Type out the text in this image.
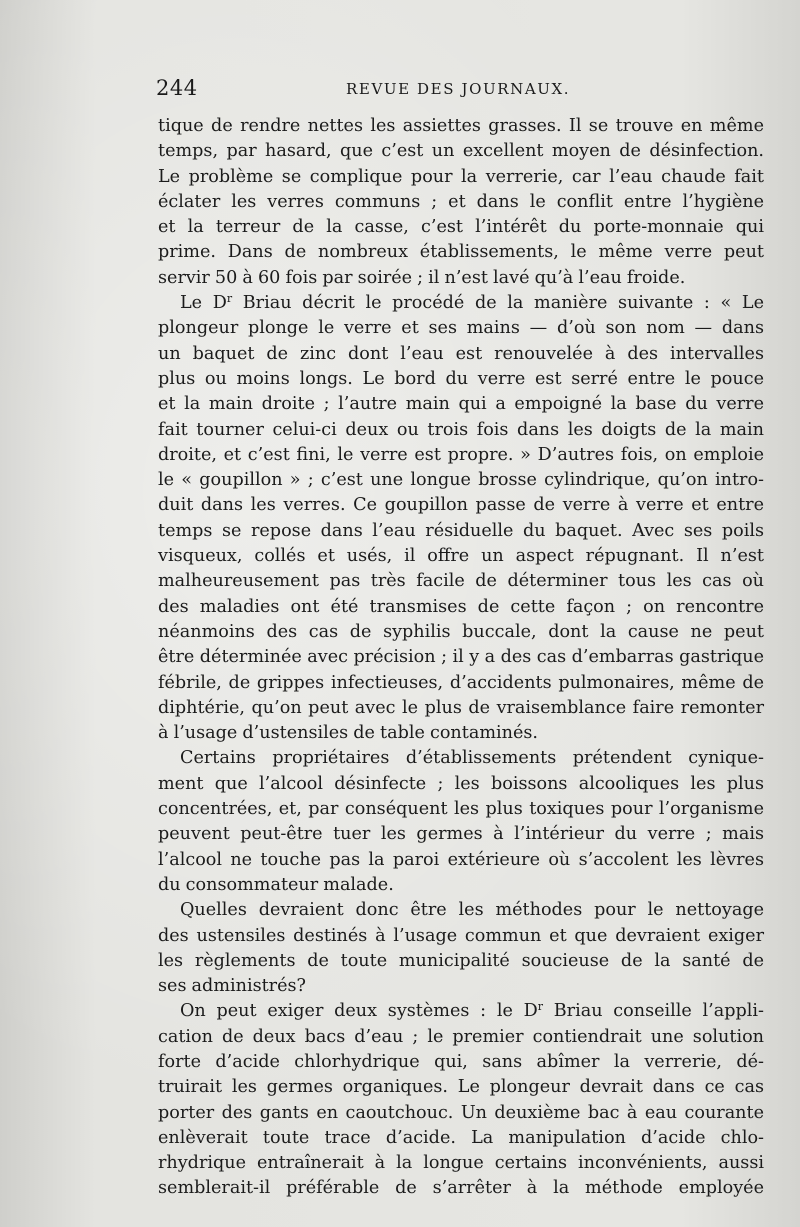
244	REVUE DES JOURNAUX.
tique de rendre nettes les assiettes grasses. Il se trouve en même
temps, par hasard, que c’est un excellent moyen de désinfection.
Le problème se complique pour la verrerie, car l’eau chaude fait
éclater les verres communs ; et dans le conflit entre l’hygiène
et la terreur de la casse, c’est l’intérêt du porte-monnaie qui
prime. Dans de nombreux établissements, le même verre peut
servir 50 à 60 fois par soirée ; il n’est lavé qu’à l’eau froide.
Le $D^r$ Briau décrit le procédé de la manière suivante : « Le
plongeur plonge le verre et ses mains — d’où son nom — dans
un baquet de zinc dont l’eau est renouvelée à des intervalles
plus ou moins longs. Le bord du verre est serré entre le pouce
et la main droite ; l’autre main qui a empoigné la base du verre
fait tourner celui-ci deux ou trois fois dans les doigts de la main
droite, et c’est fini, le verre est propre. » D’autres fois, on emploie
le « goupillon » ; c’est une longue brosse cylindrique, qu’on intro-
duit dans les verres. Ce goupillon passe de verre à verre et entre
temps se repose dans l’eau résiduelle du baquet. Avec ses poils
visqueux, collés et usés, il offre un aspect répugnant. Il n’est
malheureusement pas très facile de déterminer tous les cas où
des maladies ont été transmises de cette façon ; on rencontre
néanmoins des cas de syphilis buccale, dont la cause ne peut
être déterminée avec précision ; il y a des cas d’embarras gastrique
fébrile, de grippes infectieuses, d’accidents pulmonaires, même de
diphtérie, qu’on peut avec le plus de vraisemblance faire remonter
à l’usage d’ustensiles de table contaminés.
Certains propriétaires d’établissements prétendent cynique-
ment que l’alcool désinfecte ; les boissons alcooliques les plus
concentrées, et, par conséquent les plus toxiques pour l’organisme
peuvent peut-être tuer les germes à l’intérieur du verre ; mais
l’alcool ne touche pas la paroi extérieure où s’accolent les lèvres
du consommateur malade.
Quelles devraient donc être les méthodes pour le nettoyage
des ustensiles destinés à l’usage commun et que devraient exiger
les règlements de toute municipalité soucieuse de la santé de
ses administrés?
On peut exiger deux systèmes : le $D^r$ Briau conseille l’appli-
cation de deux bacs d’eau ; le premier contiendrait une solution
forte d’acide chlorhydrique qui, sans abîmer la verrerie, dé-
truirait les germes organiques. Le plongeur devrait dans ce cas
porter des gants en caoutchouc. Un deuxième bac à eau courante
enlèverait toute trace d’acide. La manipulation d’acide chlo-
rhydrique entraînerait à la longue certains inconvénients, aussi
semblerait-il préférable de s’arrêter à la méthode employée
